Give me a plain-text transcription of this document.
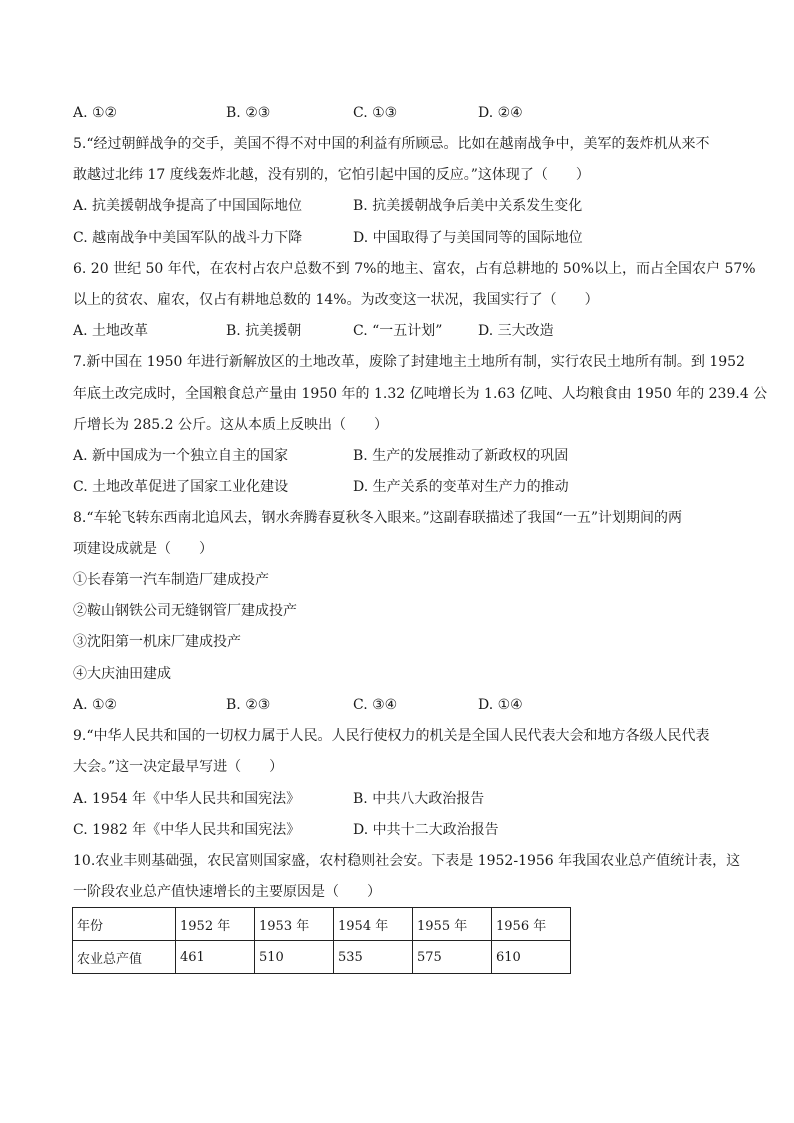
A. ①②	B. ②③	C. ①③	D. ②④
5.“经过朝鲜战争的交手，美国不得不对中国的利益有所顾忌。比如在越南战争中，美军的轰炸机从来不
敢越过北纬 17 度线轰炸北越，没有别的，它怕引起中国的反应。”这体现了（　　）
A. 抗美援朝战争提高了中国国际地位	B. 抗美援朝战争后美中关系发生变化
C. 越南战争中美国军队的战斗力下降	D. 中国取得了与美国同等的国际地位
6. 20 世纪 50 年代，在农村占农户总数不到 7%的地主、富农，占有总耕地的 50%以上，而占全国农户 57%
以上的贫农、雇农，仅占有耕地总数的 14%。为改变这一状况，我国实行了（　　）
A. 土地改革	B. 抗美援朝	C. “一五计划”	D. 三大改造
7.新中国在 1950 年进行新解放区的土地改革，废除了封建地主土地所有制，实行农民土地所有制。到 1952
年底土改完成时，全国粮食总产量由 1950 年的 1.32 亿吨增长为 1.63 亿吨、人均粮食由 1950 年的 239.4 公
斤增长为 285.2 公斤。这从本质上反映出（　　）
A. 新中国成为一个独立自主的国家	B. 生产的发展推动了新政权的巩固
C. 土地改革促进了国家工业化建设	D. 生产关系的变革对生产力的推动
8.“车轮飞转东西南北追风去，钢水奔腾春夏秋冬入眼来。”这副春联描述了我国“一五”计划期间的两
项建设成就是（　　）
①长春第一汽车制造厂建成投产
②鞍山钢铁公司无缝钢管厂建成投产
③沈阳第一机床厂建成投产
④大庆油田建成
A. ①②	B. ②③	C. ③④	D. ①④
9.“中华人民共和国的一切权力属于人民。人民行使权力的机关是全国人民代表大会和地方各级人民代表
大会。”这一决定最早写进（　　）
A. 1954 年《中华人民共和国宪法》	B. 中共八大政治报告
C. 1982 年《中华人民共和国宪法》	D. 中共十二大政治报告
10.农业丰则基础强，农民富则国家盛，农村稳则社会安。下表是 1952-1956 年我国农业总产值统计表，这
一阶段农业总产值快速增长的主要原因是（　　）
年份	1952 年	1953 年	1954 年	1955 年	1956 年
农业总产值	461	510	535	575	610
